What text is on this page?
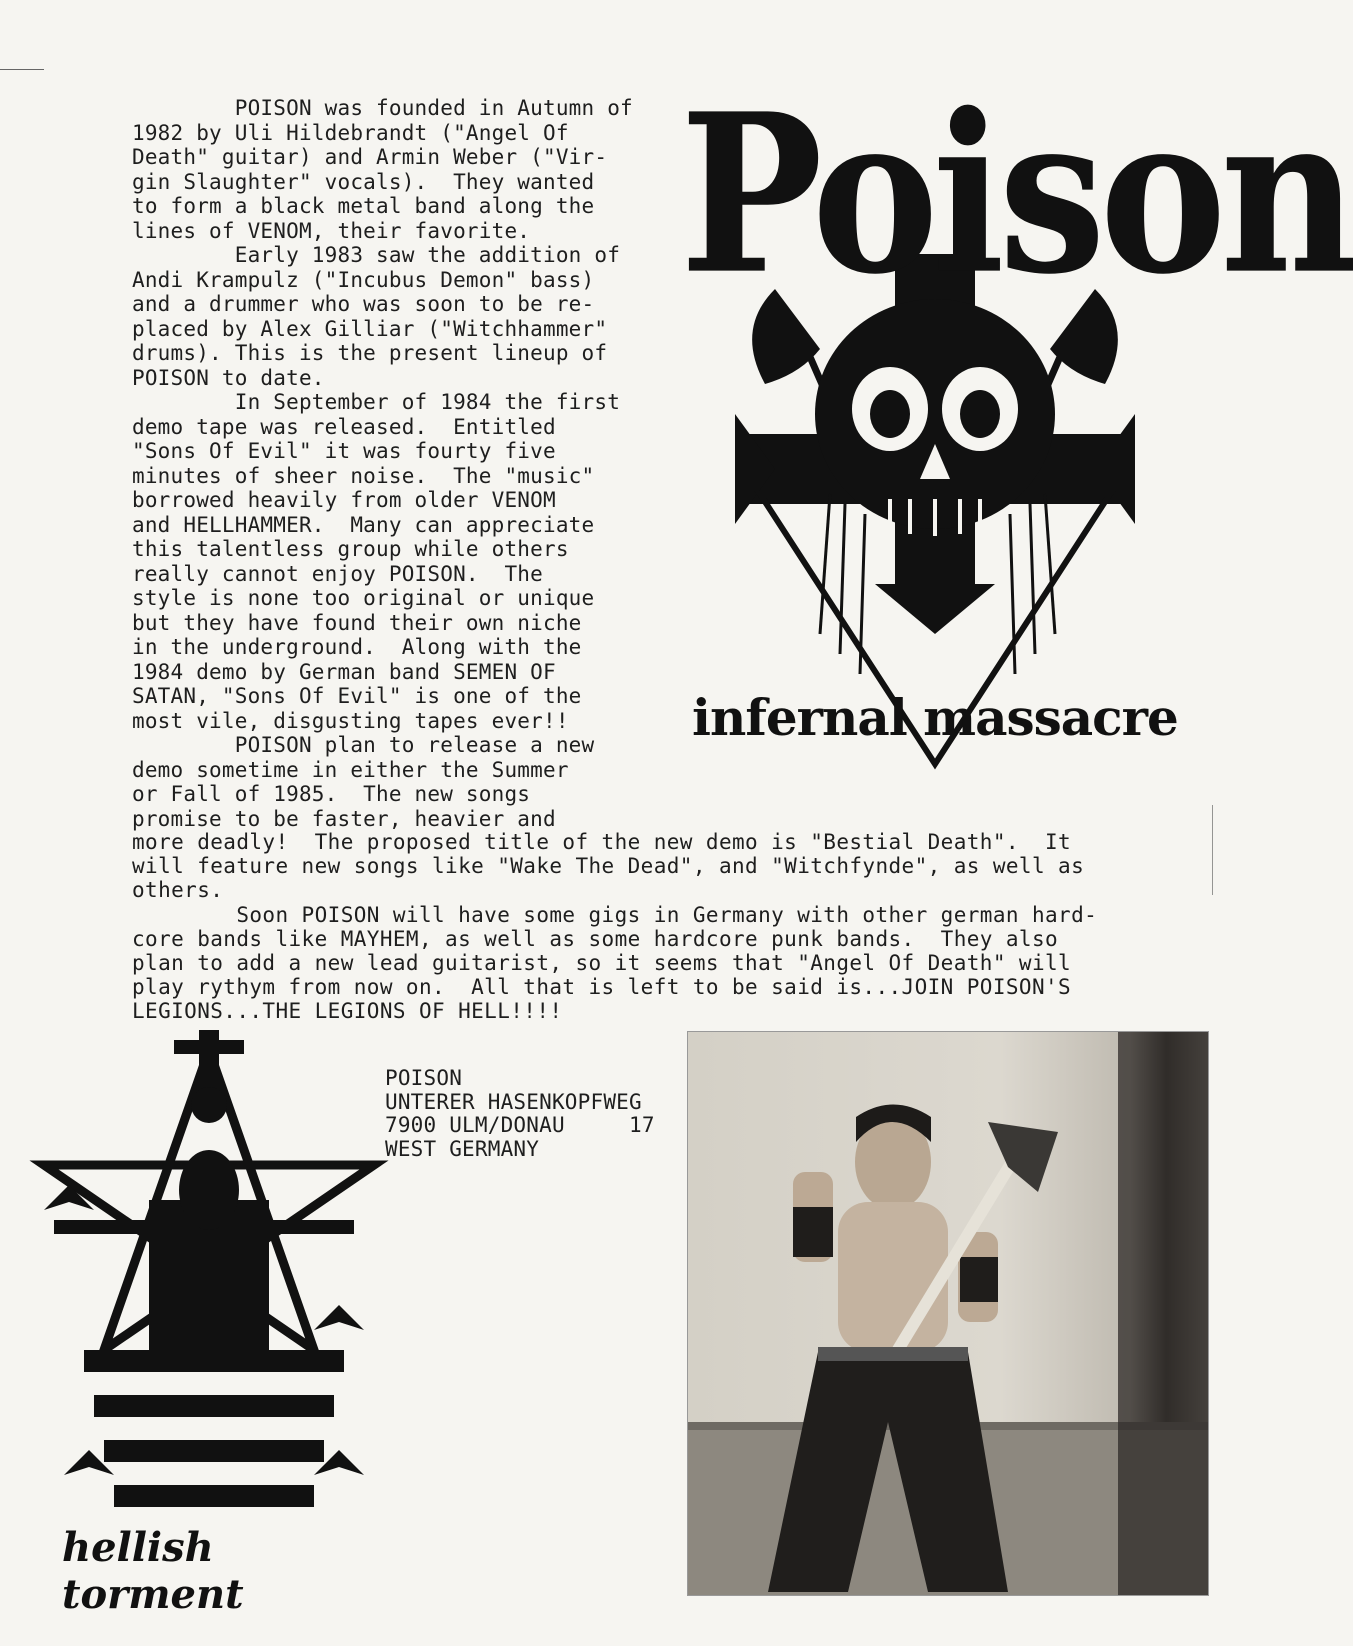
POISON was founded in Autumn of
1982 by Uli Hildebrandt ("Angel Of
Death" guitar) and Armin Weber ("Vir-
gin Slaughter" vocals).  They wanted
to form a black metal band along the
lines of VENOM, their favorite.
Early 1983 saw the addition of
Andi Krampulz ("Incubus Demon" bass)
and a drummer who was soon to be re-
placed by Alex Gilliar ("Witchhammer"
drums). This is the present lineup of
POISON to date.
In September of 1984 the first
demo tape was released.  Entitled
"Sons Of Evil" it was fourty five
minutes of sheer noise.  The "music"
borrowed heavily from older VENOM
and HELLHAMMER.  Many can appreciate
this talentless group while others
really cannot enjoy POISON.  The
style is none too original or unique
but they have found their own niche
in the underground.  Along with the
1984 demo by German band SEMEN OF
SATAN, "Sons Of Evil" is one of the
most vile, disgusting tapes ever!!
POISON plan to release a new
demo sometime in either the Summer
or Fall of 1985.  The new songs
promise to be faster, heavier and
more deadly!  The proposed title of the new demo is "Bestial Death".  It
will feature new songs like "Wake The Dead", and "Witchfynde", as well as
others.
Soon POISON will have some gigs in Germany with other german hard-
core bands like MAYHEM, as well as some hardcore punk bands.  They also
plan to add a new lead guitarist, so it seems that "Angel Of Death" will
play rythym from now on.  All that is left to be said is...JOIN POISON'S
LEGIONS...THE LEGIONS OF HELL!!!!
POISON
UNTERER HASENKOPFWEG
7900 ULM/DONAU     17
WEST GERMANY
Poison
infernal massacre
hellish torment
